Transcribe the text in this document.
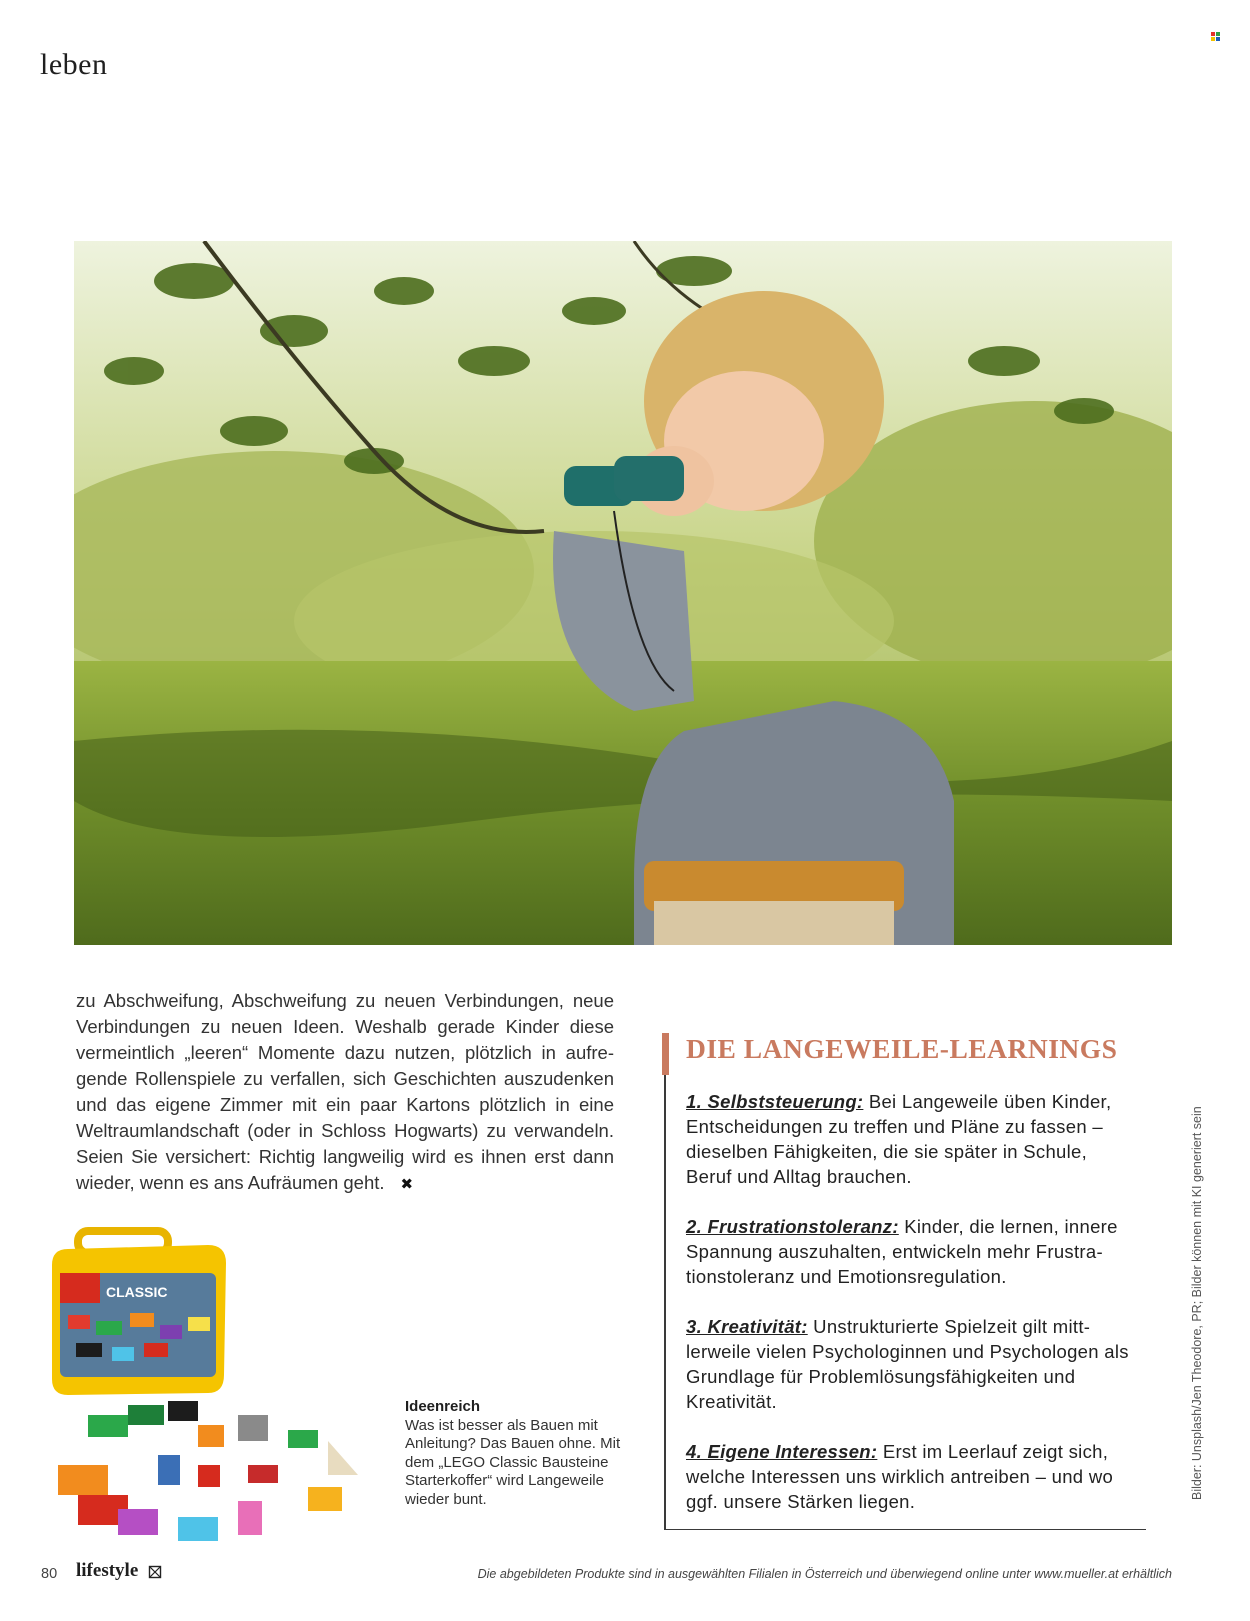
leben
zu Abschweifung, Abschweifung zu neuen Verbindungen, neue Verbindungen zu neuen Ideen. Weshalb gerade Kinder diese vermeintlich „leeren“ Momente dazu nutzen, plötzlich in aufregende Rollenspiele zu verfallen, sich Geschichten auszudenken und das eigene Zimmer mit ein paar Kartons plötzlich in eine Weltraumlandschaft (oder in Schloss Hogwarts) zu verwandeln. Seien Sie versichert: Richtig langweilig wird es ihnen erst dann wieder, wenn es ans Aufräumen geht. ✖
CLASSIC
Ideenreich
Was ist besser als Bauen mit Anleitung? Das Bauen ohne. Mit dem „LEGO Classic Bausteine Starterkoffer“ wird Langeweile wieder bunt.
DIE LANGEWEILE-LEARNINGS
1. Selbststeuerung: Bei Langeweile üben Kinder, Entscheidungen zu treffen und Pläne zu fassen – dieselben Fähigkeiten, die sie später in Schule, Beruf und Alltag brauchen.
2. Frustrationstoleranz: Kinder, die lernen, innere Spannung auszuhalten, entwickeln mehr Frustrationstoleranz und Emotionsregulation.
3. Kreativität: Unstrukturierte Spielzeit gilt mittlerweile vielen Psychologinnen und Psychologen als Grundlage für Problemlösungsfähigkeiten und Kreativität.
4. Eigene Interessen: Erst im Leerlauf zeigt sich, welche Interessen uns wirklich antreiben – und wo ggf. unsere Stärken liegen.
Bilder: Unsplash/Jen Theodore, PR; Bilder können mit KI generiert sein
80 lifestyle	Die abgebildeten Produkte sind in ausgewählten Filialen in Österreich und überwiegend online unter www.mueller.at erhältlich
